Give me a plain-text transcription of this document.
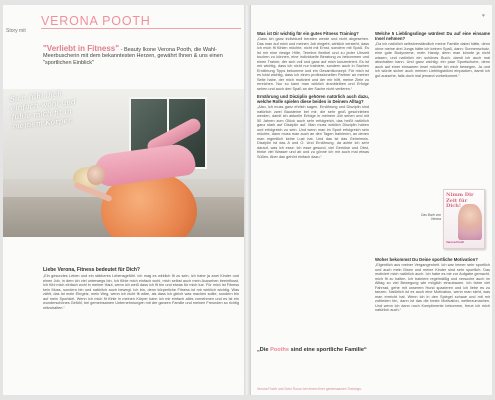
Story mit
VERONA POOTH
"Verliebt in Fitness" - Beauty Ikone Verona Pooth, die Wahl-Meerbuscherin mit dem bekanntesten Herzen, gewährt Ihnen & uns einen "sportlichen Einblick"
Sich fühl dich einfach wohl und fühle mich fit in meinem Körper.
Liebe Verona, Fitness bedeutet für Dich?
„Ein gesundes Leben und ein stärkeres Lebensgefühl. Ich mag es wirklich fit zu sein, ich habe ja zwei Kinder und einen Job, in dem ich viel unterwegs bin. Ich fühle mich einfach wohl, mich selbst auch mein Aussehen beeinflusst. Ich fühl mich einfach wohl in meiner Haut, wenn ich weiß dass ich fit bin und etwas für mich tue. Für mich ist Fitness kein Muss, sondern bin und natürlich auch bewegt. Ich bin, denn körperliche Fitness ist mir wirklich wichtig. Was zählt, das ist mein Ehrgeiz, mein Weg, wenn ich nicht fit wäre, als dass ich gleich was machen sollte, sondern bin auf mein Sportziel. Wenn ich mich fit fühle in meinen Körper kann ich mir einfach alles vornehmen und es ist ein wunderschönes Gefühl, bei gemeinsamen Unternehmungen mit der ganzen Familie und meinen Freunden so richtig mitzuhalten.“
♥
Was ist Dir wichtig für ein gutes Fitness Training?
„Dass ich ganz individuell beraten werde und nicht abgesehen. Das man auf mich und meinen Job eingeht, wirklich versteht, dass ich mich fit fühlen möchte, nicht mit Ernst, sondern mit Spaß. Es ist mir eine riesige Hilfe, Termine flexibel und zu jeder Uhrzeit buchen zu können, eine individuelle Beratung zu bekommen und einen Trainer, der sich voll und ganz auf mich konzentriert. Es ist mir wichtig, dass ich nicht nur trainiere, sondern auch in Sachen Ernährung Tipps bekomme und ein Gesamtkonzept. Für mich ist es total wichtig, dass ich einen professionellen Partner an meiner Seite habe, der mich motiviert und der mir hilft, meine Ziele zu erreichen. Nur so kann man wirklich dranbleiben und Erfolge sehen und auch den Spaß an der Sache nicht verlieren.“
Ernährung und Disziplin gehören natürlich auch dazu, welche Rolle spielen diese beiden in Deinem Alltag?
„Also, ich muss ganz ehrlich sagen, Ernährung und Disziplin sind natürlich zwei Bausteine bei mir, die sehr groß geschrieben werden, damit ich aktuelle Erfolge in meinem Job sehen und mit 50 Jahren zum Glück auch sehr erfolgreich, das heißt natürlich ganz stark auf Disziplin auf. Man muss wirklich Disziplin haben und erfolgreich zu sein. Und wenn man im Sport erfolgreich sein möchte, dann muss man auch an den Tagen trainieren, an denen man eigentlich keine Lust hat. Und das ist das Geheimnis. Disziplin ist das A und O. Und Ernährung, da achte ich sehr darauf, was ich esse. Ich esse gesund, viel Gemüse und Obst, trinke viel Wasser und ab und zu gönne ich mir auch mal etwas Süßes. Aber das gehört einfach dazu.“
„Die Pooths sind eine sportliche Familie“
Verona Pooth und Sohn Rocco bei einem ihrer gemeinsamen Trainings.
Welche 5 Lieblingsdinge würdest Du auf eine einsame Insel nehmen?
„Da ich natürlich selbstverständlich meine Familie dabei hätte, denn ohne meine drei Jungs hätte ich keinen Spaß, dann: Sonnenschutz, eine gute Bodycreme, mein Handy, denn man könnte ja nicht wissen, und natürlich ein schönes Buch, damit ich auch mal abschalten kann. Und ganz wichtig: ein paar Sportschuhe, denn auch auf einer einsamen Insel möchte ich mich bewegen. Ja und ich würde sicher auch meinen Lieblingsbikini einpacken, damit ich gut aussehe, falls doch mal jemand vorbeikommt.“
Das Buch von Verona
Nimm Dir Zeit für Dich!
Verona Pooth
Woher bekommst Du Deine sportliche Motivation?
„Eigentlich aus meiner Vergangenheit. Ich war immer sehr sportlich und auch mein Mann und meine Kinder sind sehr sportlich. Das motiviert mich natürlich auch. Ich habe es mir zur Aufgabe gemacht, mich fit zu halten. Ich trainiere regelmäßig und versuche auch im Alltag so viel Bewegung wie möglich einzubauen. Ich fahre viel Fahrrad, gehe mit unserem Hund spazieren und ich liebe es zu tanzen. Natürlich ist es auch eine Motivation, wenn man sieht, was man erreicht hat. Wenn ich in den Spiegel schaue und mit mir zufrieden bin, dann ist das die beste Motivation, weiterzumachen. Und wenn ich dann noch Komplimente bekomme, freue ich mich natürlich auch.“
